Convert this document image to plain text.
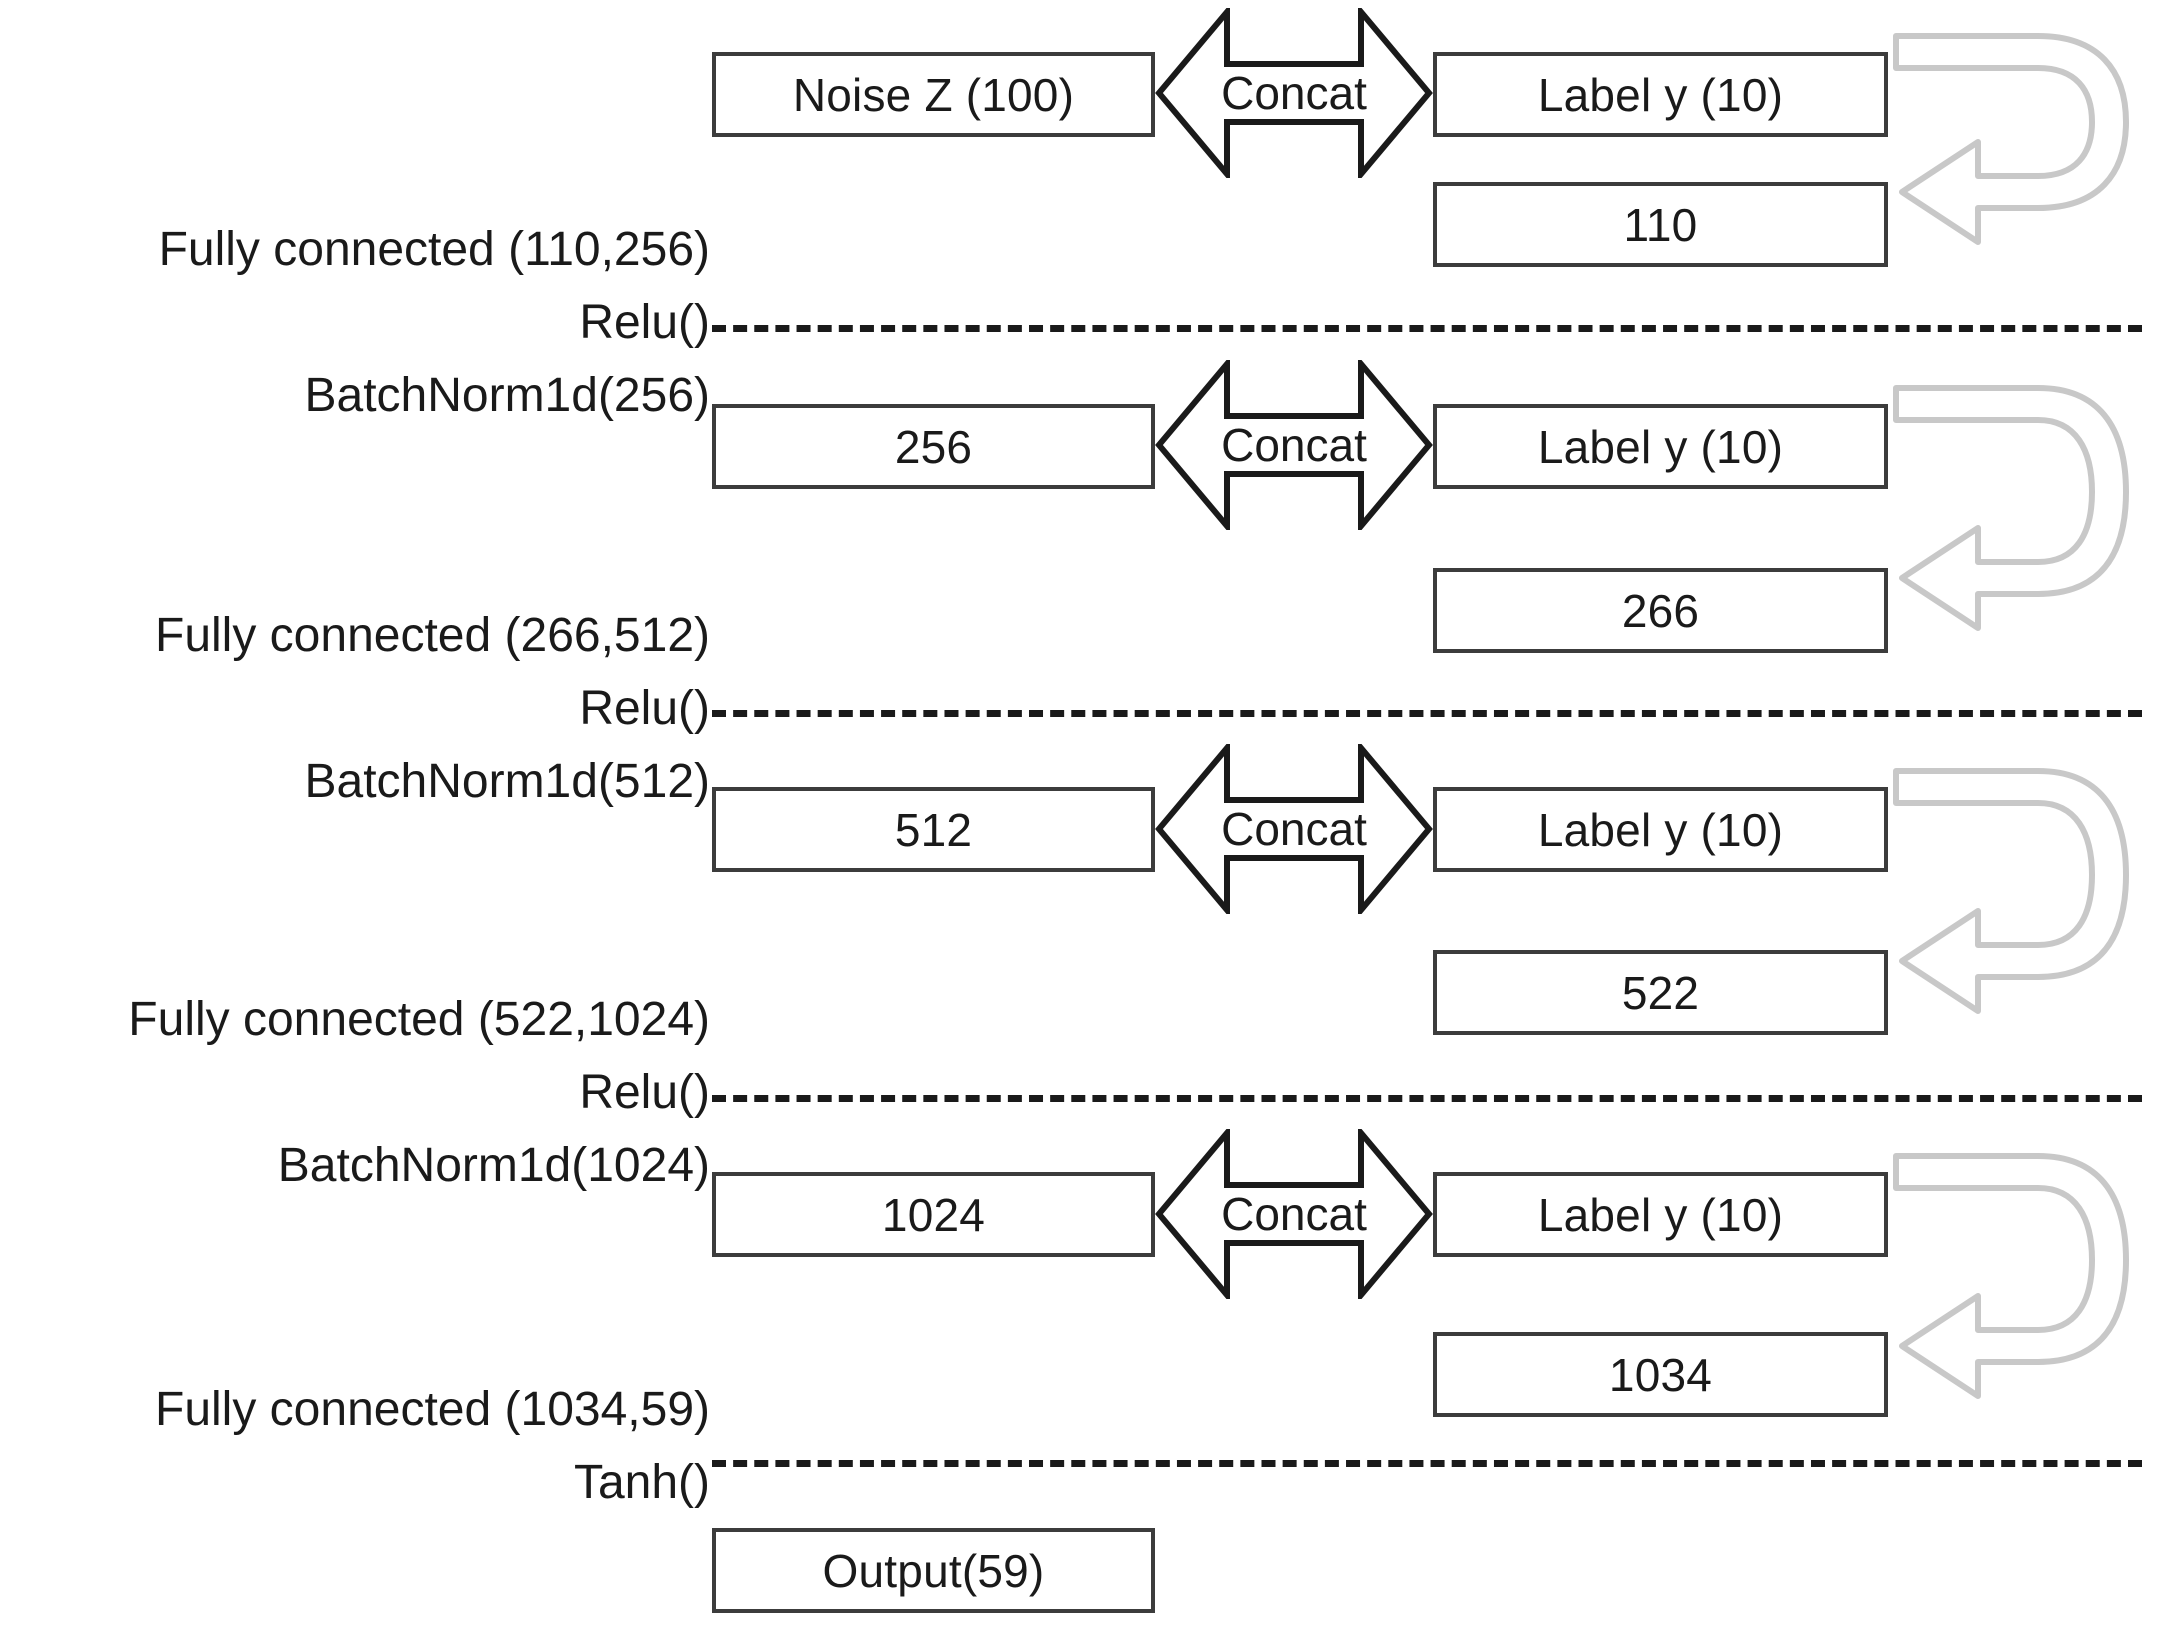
Fully connected (110,256)
Relu()
BatchNorm1d(256)
Fully connected (266,512)
Relu()
BatchNorm1d(512)
Fully connected (522,1024)
Relu()
BatchNorm1d(1024)
Fully connected (1034,59)
Tanh()
Noise Z (100)	Concat	Label y (10)
110
256	Concat	Label y (10)
266
512	Concat	Label y (10)
522
1024	Concat	Label y (10)
1034
Output(59)
